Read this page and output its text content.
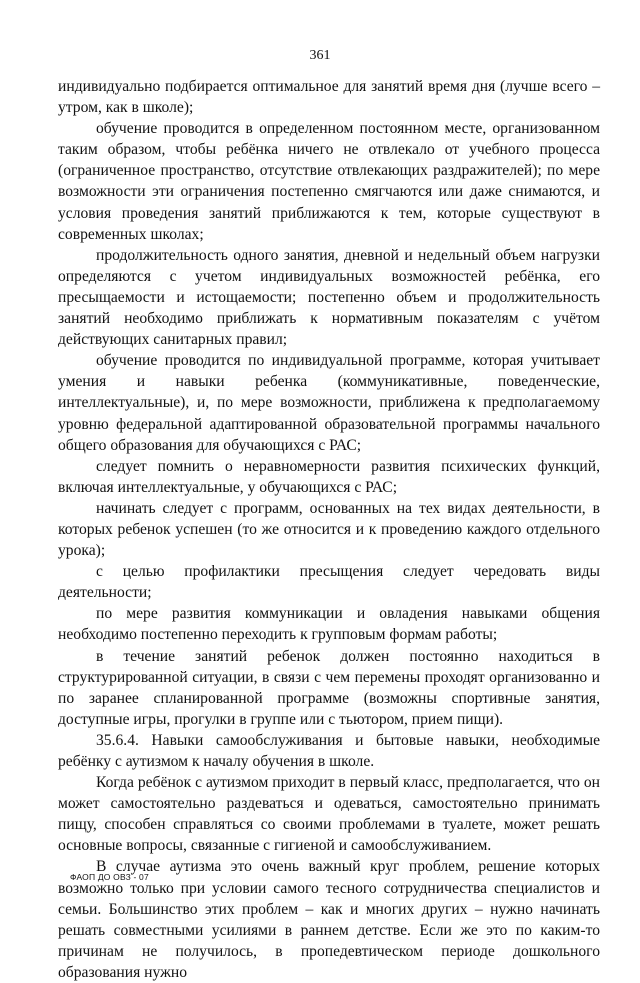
361

индивидуально подбирается оптимальное для занятий время дня (лучше всего – утром, как в школе);

обучение проводится в определенном постоянном месте, организованном таким образом, чтобы ребёнка ничего не отвлекало от учебного процесса (ограниченное пространство, отсутствие отвлекающих раздражителей); по мере возможности эти ограничения постепенно смягчаются или даже снимаются, и условия проведения занятий приближаются к тем, которые существуют в современных школах;

продолжительность одного занятия, дневной и недельный объем нагрузки определяются с учетом индивидуальных возможностей ребёнка, его пресыщаемости и истощаемости; постепенно объем и продолжительность занятий необходимо приближать к нормативным показателям с учётом действующих санитарных правил;

обучение проводится по индивидуальной программе, которая учитывает умения и навыки ребенка (коммуникативные, поведенческие, интеллектуальные), и, по мере возможности, приближена к предполагаемому уровню федеральной адаптированной образовательной программы начального общего образования для обучающихся с РАС;

следует помнить о неравномерности развития психических функций, включая интеллектуальные, у обучающихся с РАС;

начинать следует с программ, основанных на тех видах деятельности, в которых ребенок успешен (то же относится и к проведению каждого отдельного урока);

с целью профилактики пресыщения следует чередовать виды деятельности;

по мере развития коммуникации и овладения навыками общения необходимо постепенно переходить к групповым формам работы;

в течение занятий ребенок должен постоянно находиться в структурированной ситуации, в связи с чем перемены проходят организованно и по заранее спланированной программе (возможны спортивные занятия, доступные игры, прогулки в группе или с тьютором, прием пищи).

35.6.4. Навыки самообслуживания и бытовые навыки, необходимые ребёнку с аутизмом к началу обучения в школе.

Когда ребёнок с аутизмом приходит в первый класс, предполагается, что он может самостоятельно раздеваться и одеваться, самостоятельно принимать пищу, способен справляться со своими проблемами в туалете, может решать основные вопросы, связанные с гигиеной и самообслуживанием.

В случае аутизма это очень важный круг проблем, решение которых возможно только при условии самого тесного сотрудничества специалистов и семьи. Большинство этих проблем – как и многих других – нужно начинать решать совместными усилиями в раннем детстве. Если же это по каким-то причинам не получилось, в пропедевтическом периоде дошкольного образования нужно

ФАОП ДО ОВЗ - 07
